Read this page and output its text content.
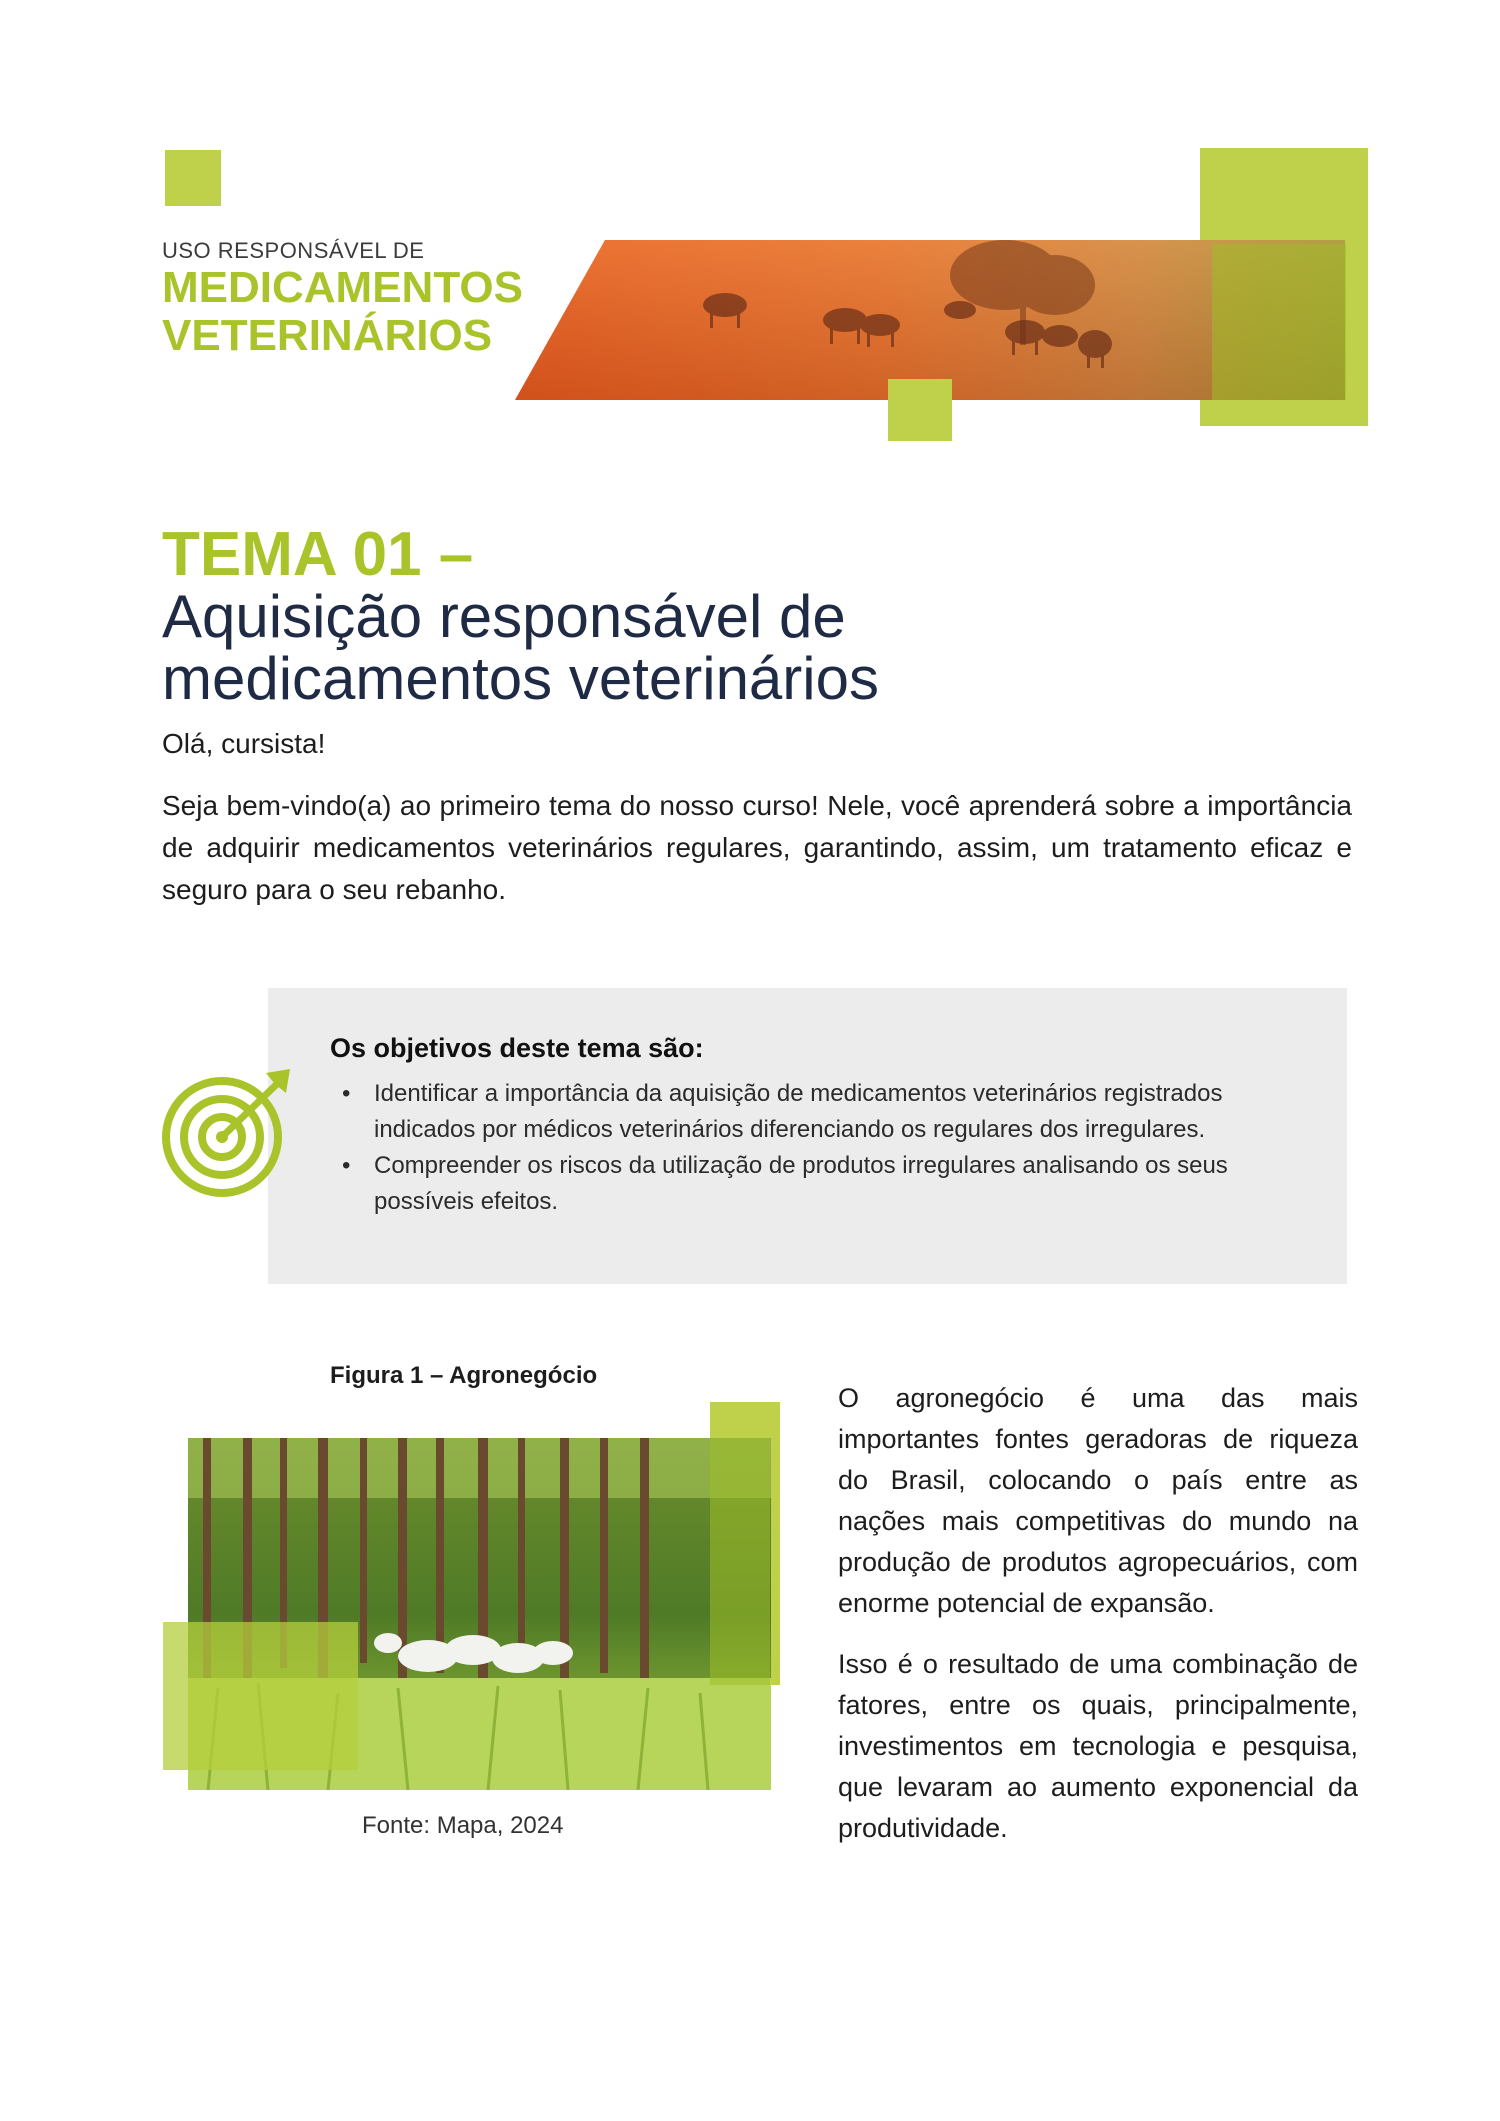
USO RESPONSÁVEL DE
MEDICAMENTOS
VETERINÁRIOS
TEMA 01 –
Aquisição responsável de
medicamentos veterinários
Olá, cursista!
Seja bem-vindo(a) ao primeiro tema do nosso curso! Nele, você aprenderá sobre a importância de adquirir medicamentos veterinários regulares, garantindo, assim, um tratamento eficaz e seguro para o seu rebanho.
Os objetivos deste tema são:
• Identificar a importância da aquisição de medicamentos veterinários registrados indicados por médicos veterinários diferenciando os regulares dos irregulares.
• Compreender os riscos da utilização de produtos irregulares analisando os seus possíveis efeitos.
Figura 1 – Agronegócio
Fonte: Mapa, 2024

O agronegócio é uma das mais importantes fontes geradoras de riqueza do Brasil, colocando o país entre as nações mais competitivas do mundo na produção de produtos agropecuários, com enorme potencial de expansão.

Isso é o resultado de uma combinação de fatores, entre os quais, principalmente, investimentos em tecnologia e pesquisa, que levaram ao aumento exponencial da produtividade.
